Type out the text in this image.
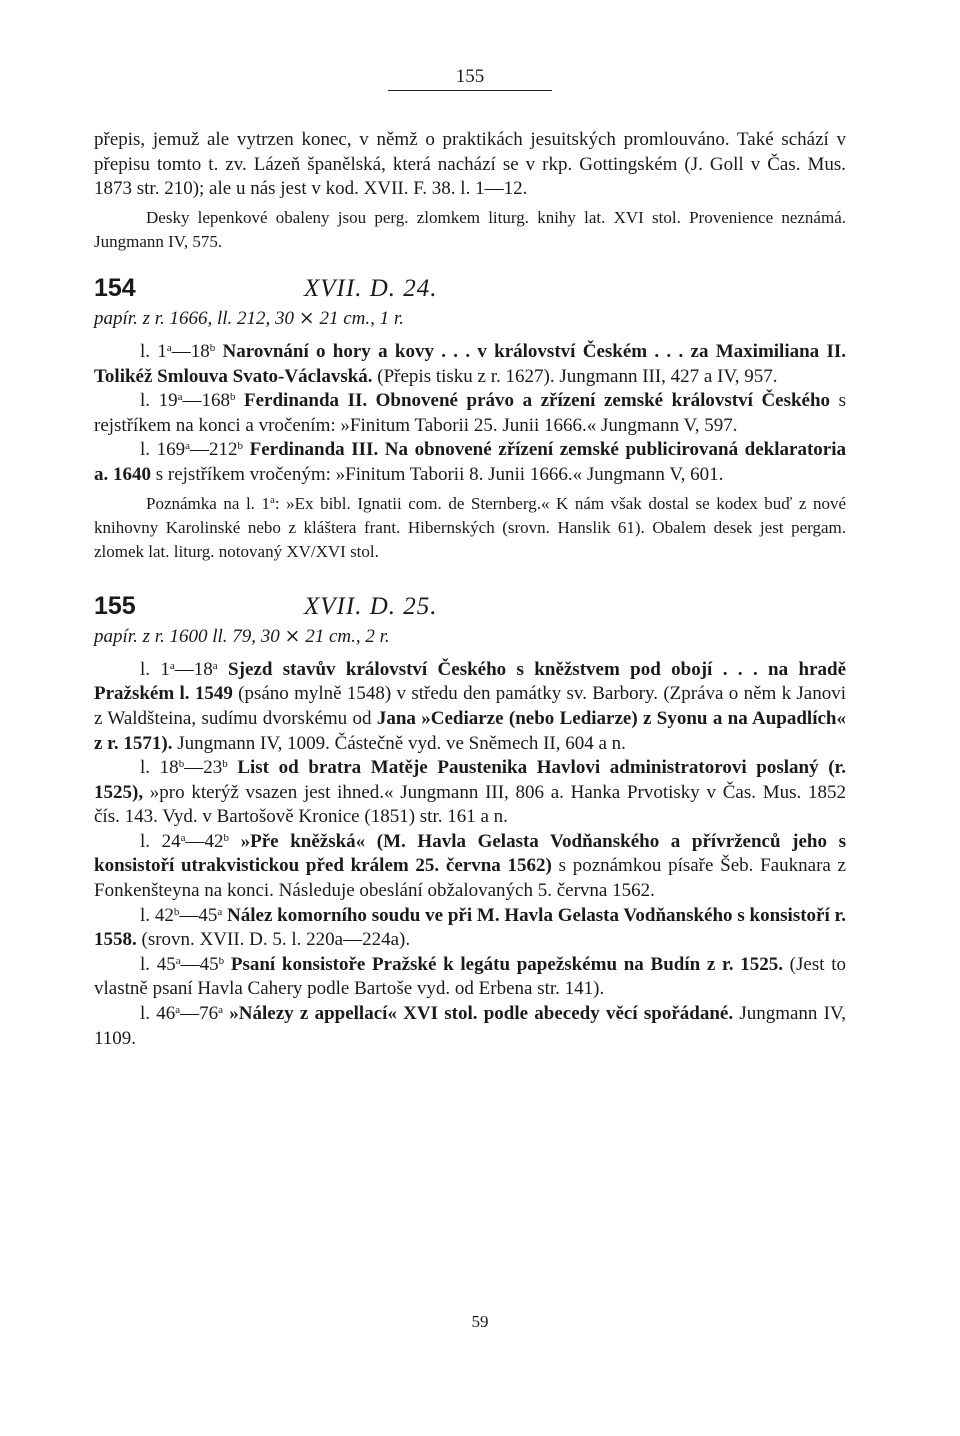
155

přepis, jemuž ale vytrzen konec, v němž o praktikách jesuitských promlouváno. Také schází v přepisu tomto t. zv. Lázeň španělská, která nachází se v rkp. Gottingském (J. Goll v Čas. Mus. 1873 str. 210); ale u nás jest v kod. XVII. F. 38. l. 1—12.

Desky lepenkové obaleny jsou perg. zlomkem liturg. knihy lat. XVI stol. Provenience neznámá. Jungmann IV, 575.

154	XVII. D. 24.
papír. z r. 1666, ll. 212, 30 ⨯ 21 cm., 1 r.

l. 1$^a$—18$^b$ Narovnání o hory a kovy . . . v království Českém . . . za Maximiliana II. Tolikéž Smlouva Svato-Václavská. (Přepis tisku z r. 1627). Jungmann III, 427 a IV, 957.

l. 19$^a$—168$^b$ Ferdinanda II. Obnovené právo a zřízení zemské království Českého s rejstříkem na konci a vročením: »Finitum Taborii 25. Junii 1666.« Jungmann V, 597.

l. 169$^a$—212$^b$ Ferdinanda III. Na obnovené zřízení zemské publicirovaná deklaratoria a. 1640 s rejstříkem vročeným: »Finitum Taborii 8. Junii 1666.« Jungmann V, 601.

Poznámka na l. 1$^a$: »Ex bibl. Ignatii com. de Sternberg.« K nám však dostal se kodex buď z nové knihovny Karolinské nebo z kláštera frant. Hibernských (srovn. Hanslik 61). Obalem desek jest pergam. zlomek lat. liturg. notovaný XV/XVI stol.

155	XVII. D. 25.
papír. z r. 1600 ll. 79, 30 ⨯ 21 cm., 2 r.

l. 1$^a$—18$^a$ Sjezd stavův království Českého s kněžstvem pod obojí . . . na hradě Pražském l. 1549 (psáno mylně 1548) v středu den památky sv. Barbory. (Zpráva o něm k Janovi z Waldšteina, sudímu dvorskému od Jana »Cediarze (nebo Lediarze) z Syonu a na Aupadlích« z r. 1571). Jungmann IV, 1009. Částečně vyd. ve Sněmech II, 604 a n.

l. 18$^b$—23$^b$ List od bratra Matěje Paustenika Havlovi administratorovi poslaný (r. 1525), »pro kterýž vsazen jest ihned.« Jungmann III, 806 a. Hanka Prvotisky v Čas. Mus. 1852 čís. 143. Vyd. v Bartošově Kronice (1851) str. 161 a n.

l. 24$^a$—42$^b$ »Pře kněžská« (M. Havla Gelasta Vodňanského a přívrženců jeho s konsistoří utrakvistickou před králem 25. června 1562) s poznámkou písaře Šeb. Fauknara z Fonkenšteyna na konci. Následuje obeslání obžalovaných 5. června 1562.

l. 42$^b$—45$^a$ Nález komorního soudu ve při M. Havla Gelasta Vodňanského s konsistoří r. 1558. (srovn. XVII. D. 5. l. 220a—224a).

l. 45$^a$—45$^b$ Psaní konsistoře Pražské k legátu papežskému na Budín z r. 1525. (Jest to vlastně psaní Havla Cahery podle Bartoše vyd. od Erbena str. 141).

l. 46$^a$—76$^a$ »Nálezy z appellací« XVI stol. podle abecedy věcí spořádané. Jungmann IV, 1109.

59
